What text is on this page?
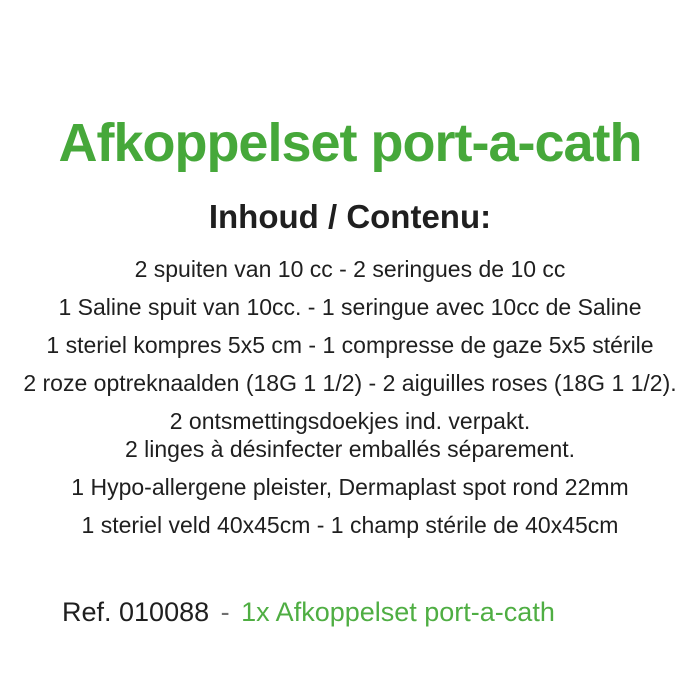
Afkoppelset port-a-cath
Inhoud / Contenu:

2 spuiten van 10 cc - 2 seringues de 10 cc

1 Saline spuit van 10cc. - 1 seringue avec 10cc de Saline

1 steriel kompres 5x5 cm - 1 compresse de gaze 5x5 stérile

2 roze optreknaalden (18G 1 1/2) - 2 aiguilles roses (18G 1 1/2).

2 ontsmettingsdoekjes ind. verpakt.

2 linges à désinfecter emballés séparement.

1 Hypo-allergene pleister, Dermaplast spot rond 22mm

1 steriel veld 40x45cm - 1 champ stérile de 40x45cm

Ref. 010088 - 1x Afkoppelset port-a-cath
